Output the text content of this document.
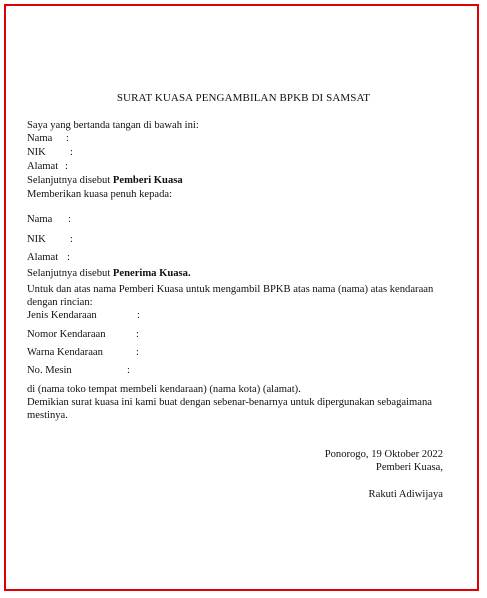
SURAT KUASA PENGAMBILAN BPKB DI SAMSAT
Saya yang bertanda tangan di bawah ini:
Nama :
NIK :
Alamat :
Selanjutnya disebut Pemberi Kuasa
Memberikan kuasa penuh kepada:
Nama :
NIK :
Alamat :
Selanjutnya disebut Penerima Kuasa.
Untuk dan atas nama Pemberi Kuasa untuk mengambil BPKB atas nama (nama) atas kendaraan
dengan rincian:
Jenis Kendaraan	:
Nomor Kendaraan	:
Warna Kendaraan	:
No. Mesin	:
di (nama toko tempat membeli kendaraan) (nama kota) (alamat).
Demikian surat kuasa ini kami buat dengan sebenar-benarnya untuk dipergunakan sebagaimana
mestinya.
Ponorogo, 19 Oktober 2022
Pemberi Kuasa,
Rakuti Adiwijaya
